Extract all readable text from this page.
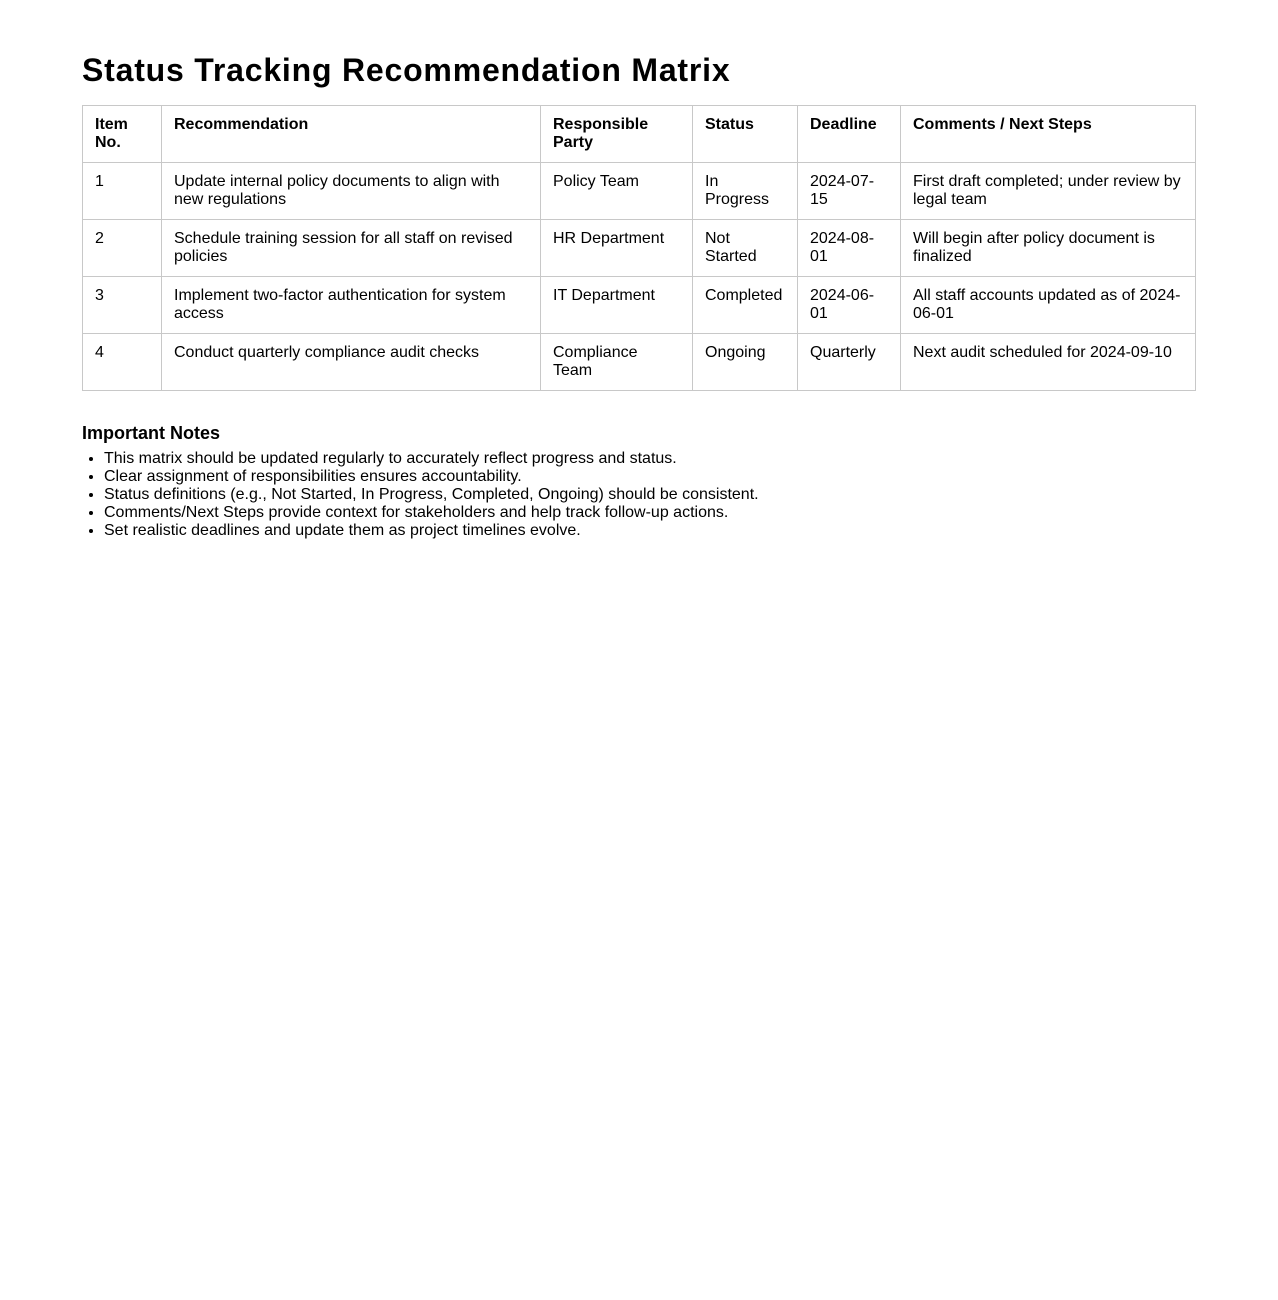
Status Tracking Recommendation Matrix
Item No.	Recommendation	Responsible Party	Status	Deadline	Comments / Next Steps
1	Update internal policy documents to align with new regulations	Policy Team	In Progress	2024-07-15	First draft completed; under review by legal team
2	Schedule training session for all staff on revised policies	HR Department	Not Started	2024-08-01	Will begin after policy document is finalized
3	Implement two-factor authentication for system access	IT Department	Completed	2024-06-01	All staff accounts updated as of 2024-06-01
4	Conduct quarterly compliance audit checks	Compliance Team	Ongoing	Quarterly	Next audit scheduled for 2024-09-10
Important Notes
• This matrix should be updated regularly to accurately reflect progress and status.
• Clear assignment of responsibilities ensures accountability.
• Status definitions (e.g., Not Started, In Progress, Completed, Ongoing) should be consistent.
• Comments/Next Steps provide context for stakeholders and help track follow-up actions.
• Set realistic deadlines and update them as project timelines evolve.
